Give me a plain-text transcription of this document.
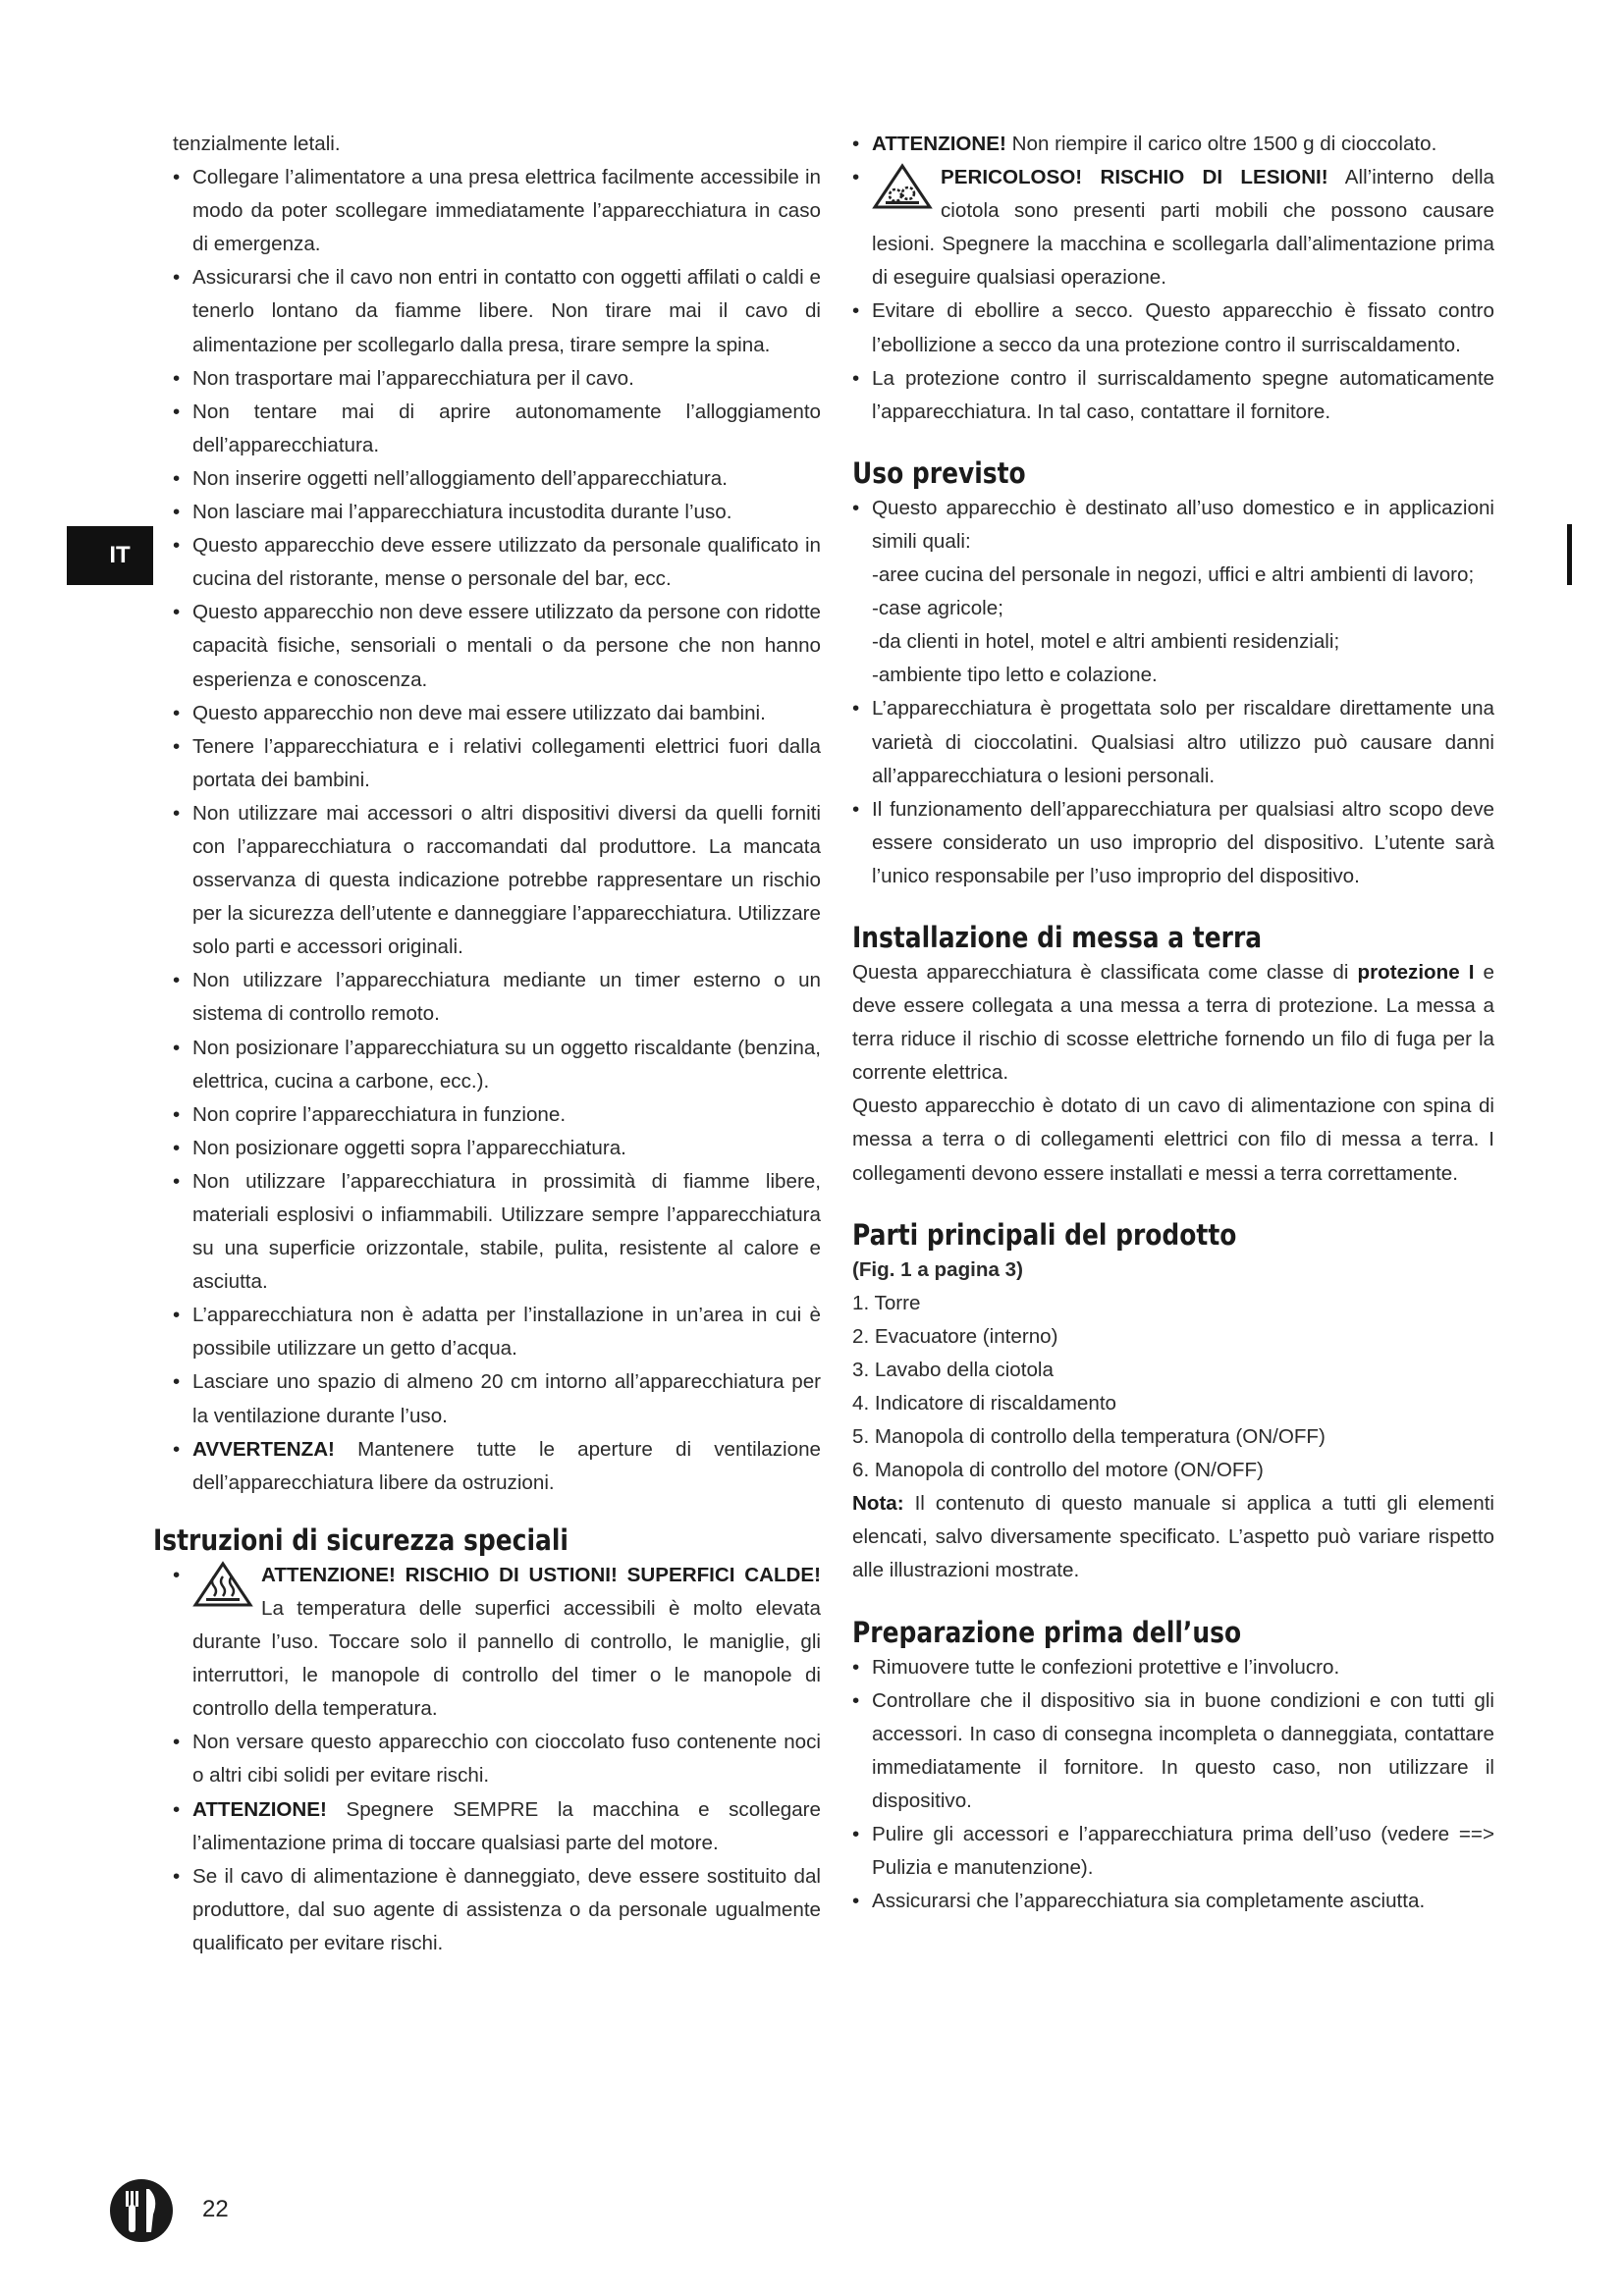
IT

tenzialmente letali.

• Collegare l’alimentatore a una presa elettrica facilmente accessibile in modo da poter scollegare immediatamente l’apparecchiatura in caso di emergenza.
• Assicurarsi che il cavo non entri in contatto con oggetti affilati o caldi e tenerlo lontano da fiamme libere. Non tirare mai il cavo di alimentazione per scollegarlo dalla presa, tirare sempre la spina.
• Non trasportare mai l’apparecchiatura per il cavo.
• Non tentare mai di aprire autonomamente l’alloggiamento dell’apparecchiatura.
• Non inserire oggetti nell’alloggiamento dell’apparecchiatura.
• Non lasciare mai l’apparecchiatura incustodita durante l’uso.
• Questo apparecchio deve essere utilizzato da personale qualificato in cucina del ristorante, mense o personale del bar, ecc.
• Questo apparecchio non deve essere utilizzato da persone con ridotte capacità fisiche, sensoriali o mentali o da persone che non hanno esperienza e conoscenza.
• Questo apparecchio non deve mai essere utilizzato dai bambini.
• Tenere l’apparecchiatura e i relativi collegamenti elettrici fuori dalla portata dei bambini.
• Non utilizzare mai accessori o altri dispositivi diversi da quelli forniti con l’apparecchiatura o raccomandati dal produttore. La mancata osservanza di questa indicazione potrebbe rappresentare un rischio per la sicurezza dell’utente e danneggiare l’apparecchiatura. Utilizzare solo parti e accessori originali.
• Non utilizzare l’apparecchiatura mediante un timer esterno o un sistema di controllo remoto.
• Non posizionare l’apparecchiatura su un oggetto riscaldante (benzina, elettrica, cucina a carbone, ecc.).
• Non coprire l’apparecchiatura in funzione.
• Non posizionare oggetti sopra l’apparecchiatura.
• Non utilizzare l’apparecchiatura in prossimità di fiamme libere, materiali esplosivi o infiammabili. Utilizzare sempre l’apparecchiatura su una superficie orizzontale, stabile, pulita, resistente al calore e asciutta.
• L’apparecchiatura non è adatta per l’installazione in un’area in cui è possibile utilizzare un getto d’acqua.
• Lasciare uno spazio di almeno 20 cm intorno all’apparecchiatura per la ventilazione durante l’uso.
• AVVERTENZA! Mantenere tutte le aperture di ventilazione dell’apparecchiatura libere da ostruzioni.
Istruzioni di sicurezza speciali
• ATTENZIONE! RISCHIO DI USTIONI! SUPERFICI CALDE! La temperatura delle superfici accessibili è molto elevata durante l’uso. Toccare solo il pannello di controllo, le maniglie, gli interruttori, le manopole di controllo del timer o le manopole di controllo della temperatura.
• Non versare questo apparecchio con cioccolato fuso contenente noci o altri cibi solidi per evitare rischi.
• ATTENZIONE! Spegnere SEMPRE la macchina e scollegare l’alimentazione prima di toccare qualsiasi parte del motore.
• Se il cavo di alimentazione è danneggiato, deve essere sostituito dal produttore, dal suo agente di assistenza o da personale ugualmente qualificato per evitare rischi.
• ATTENZIONE! Non riempire il carico oltre 1500 g di cioccolato.
• PERICOLOSO! RISCHIO DI LESIONI! All’interno della ciotola sono presenti parti mobili che possono causare lesioni. Spegnere la macchina e scollegarla dall’alimentazione prima di eseguire qualsiasi operazione.
• Evitare di ebollire a secco. Questo apparecchio è fissato contro l’ebollizione a secco da una protezione contro il surriscaldamento.
• La protezione contro il surriscaldamento spegne automaticamente l’apparecchiatura. In tal caso, contattare il fornitore.
Uso previsto
• Questo apparecchio è destinato all’uso domestico e in applicazioni simili quali:

-aree cucina del personale in negozi, uffici e altri ambienti di lavoro;

-case agricole;

-da clienti in hotel, motel e altri ambienti residenziali;

-ambiente tipo letto e colazione.

• L’apparecchiatura è progettata solo per riscaldare direttamente una varietà di cioccolatini. Qualsiasi altro utilizzo può causare danni all’apparecchiatura o lesioni personali.
• Il funzionamento dell’apparecchiatura per qualsiasi altro scopo deve essere considerato un uso improprio del dispositivo. L’utente sarà l’unico responsabile per l’uso improprio del dispositivo.
Installazione di messa a terra

Questa apparecchiatura è classificata come classe di protezione I e deve essere collegata a una messa a terra di protezione. La messa a terra riduce il rischio di scosse elettriche fornendo un filo di fuga per la corrente elettrica.

Questo apparecchio è dotato di un cavo di alimentazione con spina di messa a terra o di collegamenti elettrici con filo di messa a terra. I collegamenti devono essere installati e messi a terra correttamente.

Parti principali del prodotto

(Fig. 1 a pagina 3)

1. Torre
2. Evacuatore (interno)
3. Lavabo della ciotola
4. Indicatore di riscaldamento
5. Manopola di controllo della temperatura (ON/OFF)
6. Manopola di controllo del motore (ON/OFF)

Nota: Il contenuto di questo manuale si applica a tutti gli elementi elencati, salvo diversamente specificato. L’aspetto può variare rispetto alle illustrazioni mostrate.

Preparazione prima dell’uso
• Rimuovere tutte le confezioni protettive e l’involucro.
• Controllare che il dispositivo sia in buone condizioni e con tutti gli accessori. In caso di consegna incompleta o danneggiata, contattare immediatamente il fornitore. In questo caso, non utilizzare il dispositivo.
• Pulire gli accessori e l’apparecchiatura prima dell’uso (vedere ==> Pulizia e manutenzione).
• Assicurarsi che l’apparecchiatura sia completamente asciutta.
22
